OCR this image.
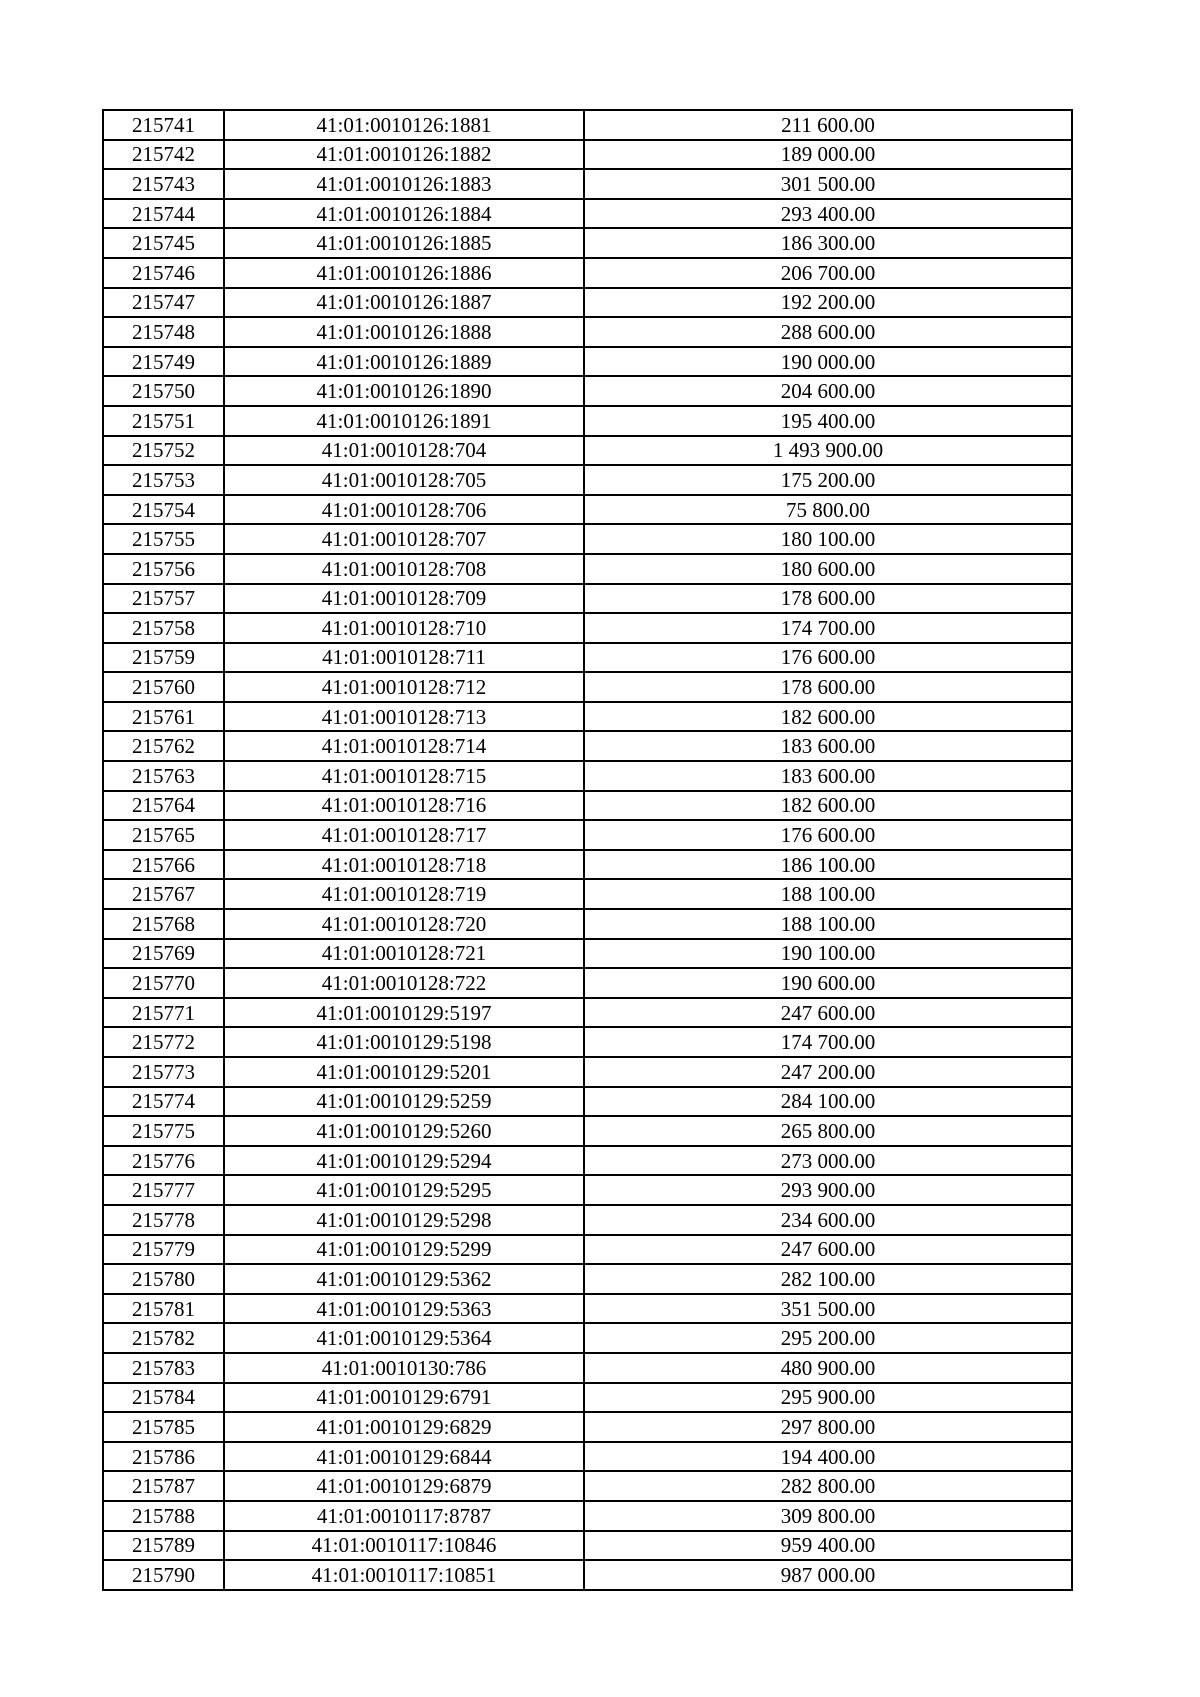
215741	41:01:0010126:1881	211 600.00
215742	41:01:0010126:1882	189 000.00
215743	41:01:0010126:1883	301 500.00
215744	41:01:0010126:1884	293 400.00
215745	41:01:0010126:1885	186 300.00
215746	41:01:0010126:1886	206 700.00
215747	41:01:0010126:1887	192 200.00
215748	41:01:0010126:1888	288 600.00
215749	41:01:0010126:1889	190 000.00
215750	41:01:0010126:1890	204 600.00
215751	41:01:0010126:1891	195 400.00
215752	41:01:0010128:704	1 493 900.00
215753	41:01:0010128:705	175 200.00
215754	41:01:0010128:706	75 800.00
215755	41:01:0010128:707	180 100.00
215756	41:01:0010128:708	180 600.00
215757	41:01:0010128:709	178 600.00
215758	41:01:0010128:710	174 700.00
215759	41:01:0010128:711	176 600.00
215760	41:01:0010128:712	178 600.00
215761	41:01:0010128:713	182 600.00
215762	41:01:0010128:714	183 600.00
215763	41:01:0010128:715	183 600.00
215764	41:01:0010128:716	182 600.00
215765	41:01:0010128:717	176 600.00
215766	41:01:0010128:718	186 100.00
215767	41:01:0010128:719	188 100.00
215768	41:01:0010128:720	188 100.00
215769	41:01:0010128:721	190 100.00
215770	41:01:0010128:722	190 600.00
215771	41:01:0010129:5197	247 600.00
215772	41:01:0010129:5198	174 700.00
215773	41:01:0010129:5201	247 200.00
215774	41:01:0010129:5259	284 100.00
215775	41:01:0010129:5260	265 800.00
215776	41:01:0010129:5294	273 000.00
215777	41:01:0010129:5295	293 900.00
215778	41:01:0010129:5298	234 600.00
215779	41:01:0010129:5299	247 600.00
215780	41:01:0010129:5362	282 100.00
215781	41:01:0010129:5363	351 500.00
215782	41:01:0010129:5364	295 200.00
215783	41:01:0010130:786	480 900.00
215784	41:01:0010129:6791	295 900.00
215785	41:01:0010129:6829	297 800.00
215786	41:01:0010129:6844	194 400.00
215787	41:01:0010129:6879	282 800.00
215788	41:01:0010117:8787	309 800.00
215789	41:01:0010117:10846	959 400.00
215790	41:01:0010117:10851	987 000.00
